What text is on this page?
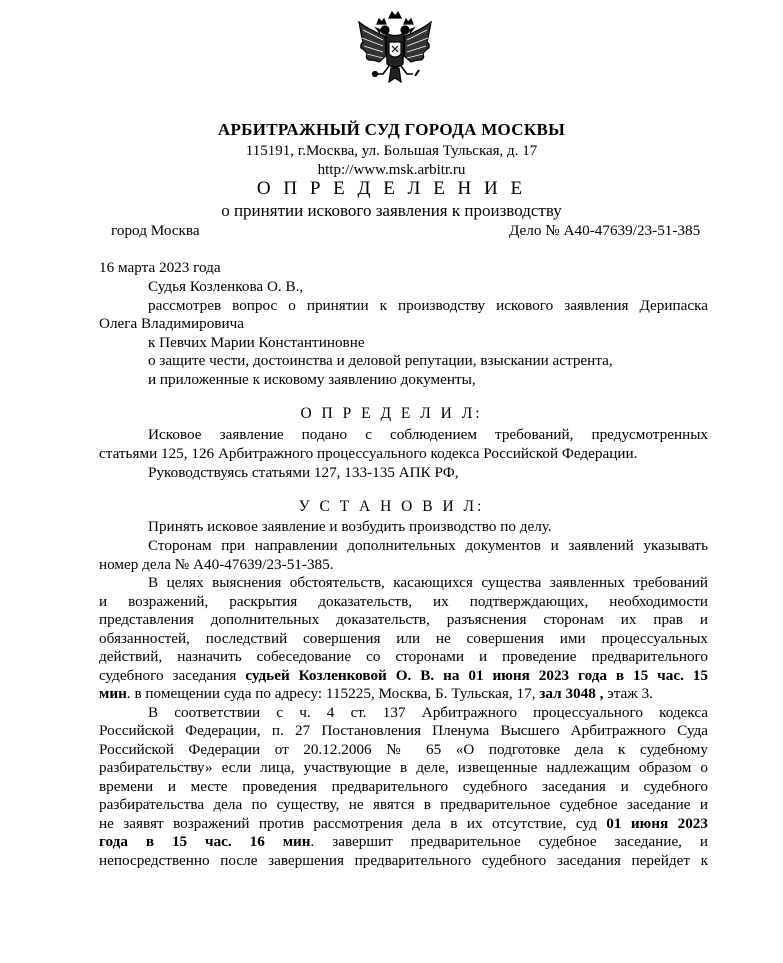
АРБИТРАЖНЫЙ СУД ГОРОДА МОСКВЫ
115191, г.Москва, ул. Большая Тульская, д. 17
http://www.msk.arbitr.ru
О П Р Е Д Е Л Е Н И Е
о принятии искового заявления к производству
город Москва	Дело № А40-47639/23-51-385
16 марта 2023 года
Судья Козленкова О. В.,
рассмотрев вопрос о принятии к производству искового заявления Дерипаска
Олега Владимировича
к Певчих Марии Константиновне
о защите чести, достоинства и деловой репутации, взыскании астрента,
и приложенные к исковому заявлению документы,
О П Р Е Д Е Л И Л:
Исковое заявление подано с соблюдением требований, предусмотренных
статьями 125, 126 Арбитражного процессуального кодекса Российской Федерации.
Руководствуясь статьями 127, 133-135 АПК РФ,
У С Т А Н О В И Л:
Принять исковое заявление и возбудить производство по делу.
Сторонам при направлении дополнительных документов и заявлений указывать
номер дела № А40-47639/23-51-385.
В целях выяснения обстоятельств, касающихся существа заявленных требований
и возражений, раскрытия доказательств, их подтверждающих, необходимости
представления дополнительных доказательств, разъяснения сторонам их прав и
обязанностей, последствий совершения или не совершения ими процессуальных
действий, назначить собеседование со сторонами и проведение предварительного
судебного заседания судьей Козленковой О. В. на 01 июня 2023 года в 15 час. 15
мин. в помещении суда по адресу: 115225, Москва, Б. Тульская, 17, зал 3048 , этаж 3.
В соответствии с ч. 4 ст. 137 Арбитражного процессуального кодекса
Российской Федерации, п. 27 Постановления Пленума Высшего Арбитражного Суда
Российской Федерации от 20.12.2006 № 65 «О подготовке дела к судебному
разбирательству» если лица, участвующие в деле, извещенные надлежащим образом о
времени и месте проведения предварительного судебного заседания и судебного
разбирательства дела по существу, не явятся в предварительное судебное заседание и
не заявят возражений против рассмотрения дела в их отсутствие, суд 01 июня 2023
года в 15 час. 16 мин. завершит предварительное судебное заседание, и
непосредственно после завершения предварительного судебного заседания перейдет к
